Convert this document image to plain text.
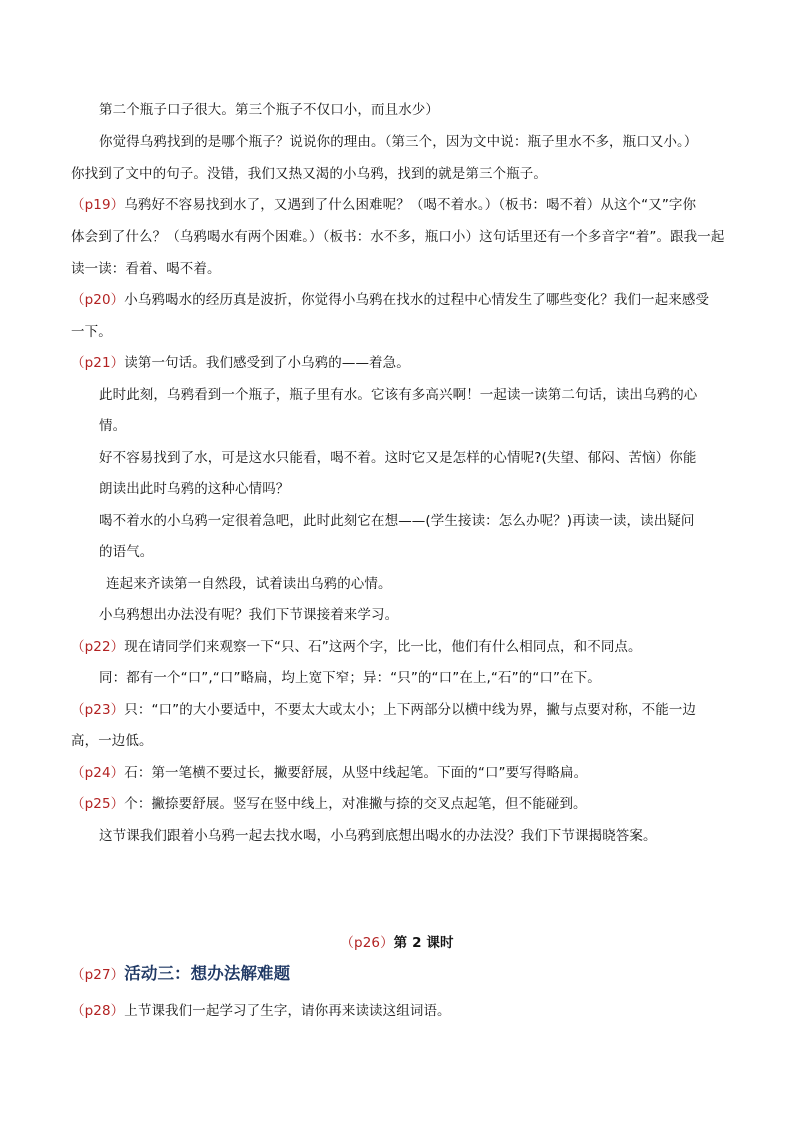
第二个瓶子口子很大。第三个瓶子不仅口小，而且水少）
你觉得乌鸦找到的是哪个瓶子？说说你的理由。（第三个，因为文中说：瓶子里水不多，瓶口又小。）
你找到了文中的句子。没错，我们又热又渴的小乌鸦，找到的就是第三个瓶子。
（p19）乌鸦好不容易找到水了，又遇到了什么困难呢？（喝不着水。）（板书：喝不着）从这个“又”字你
体会到了什么？（乌鸦喝水有两个困难。）（板书：水不多，瓶口小）这句话里还有一个多音字“着”。跟我一起
读一读：看着、喝不着。
（p20）小乌鸦喝水的经历真是波折，你觉得小乌鸦在找水的过程中心情发生了哪些变化？我们一起来感受
一下。
（p21）读第一句话。我们感受到了小乌鸦的——着急。
此时此刻，乌鸦看到一个瓶子，瓶子里有水。它该有多高兴啊！一起读一读第二句话，读出乌鸦的心
情。
好不容易找到了水，可是这水只能看，喝不着。这时它又是怎样的心情呢?(失望、郁闷、苦恼）你能
朗读出此时乌鸦的这种心情吗？
喝不着水的小乌鸦一定很着急吧，此时此刻它在想——(学生接读：怎么办呢？)再读一读，读出疑问
的语气。
连起来齐读第一自然段，试着读出乌鸦的心情。
小乌鸦想出办法没有呢？我们下节课接着来学习。
（p22）现在请同学们来观察一下“只、石”这两个字，比一比，他们有什么相同点，和不同点。
同：都有一个“口”,“口”略扁，均上宽下窄；异：“只”的“口”在上,“石”的“口”在下。
（p23）只：“口”的大小要适中，不要太大或太小；上下两部分以横中线为界，撇与点要对称，不能一边
高，一边低。
（p24）石：第一笔横不要过长，撇要舒展，从竖中线起笔。下面的“口”要写得略扁。
（p25）个：撇捺要舒展。竖写在竖中线上，对准撇与捺的交叉点起笔，但不能碰到。
这节课我们跟着小乌鸦一起去找水喝，小乌鸦到底想出喝水的办法没？我们下节课揭晓答案。
（p26）第 2 课时
（p27）活动三：想办法解难题
（p28）上节课我们一起学习了生字，请你再来读读这组词语。
